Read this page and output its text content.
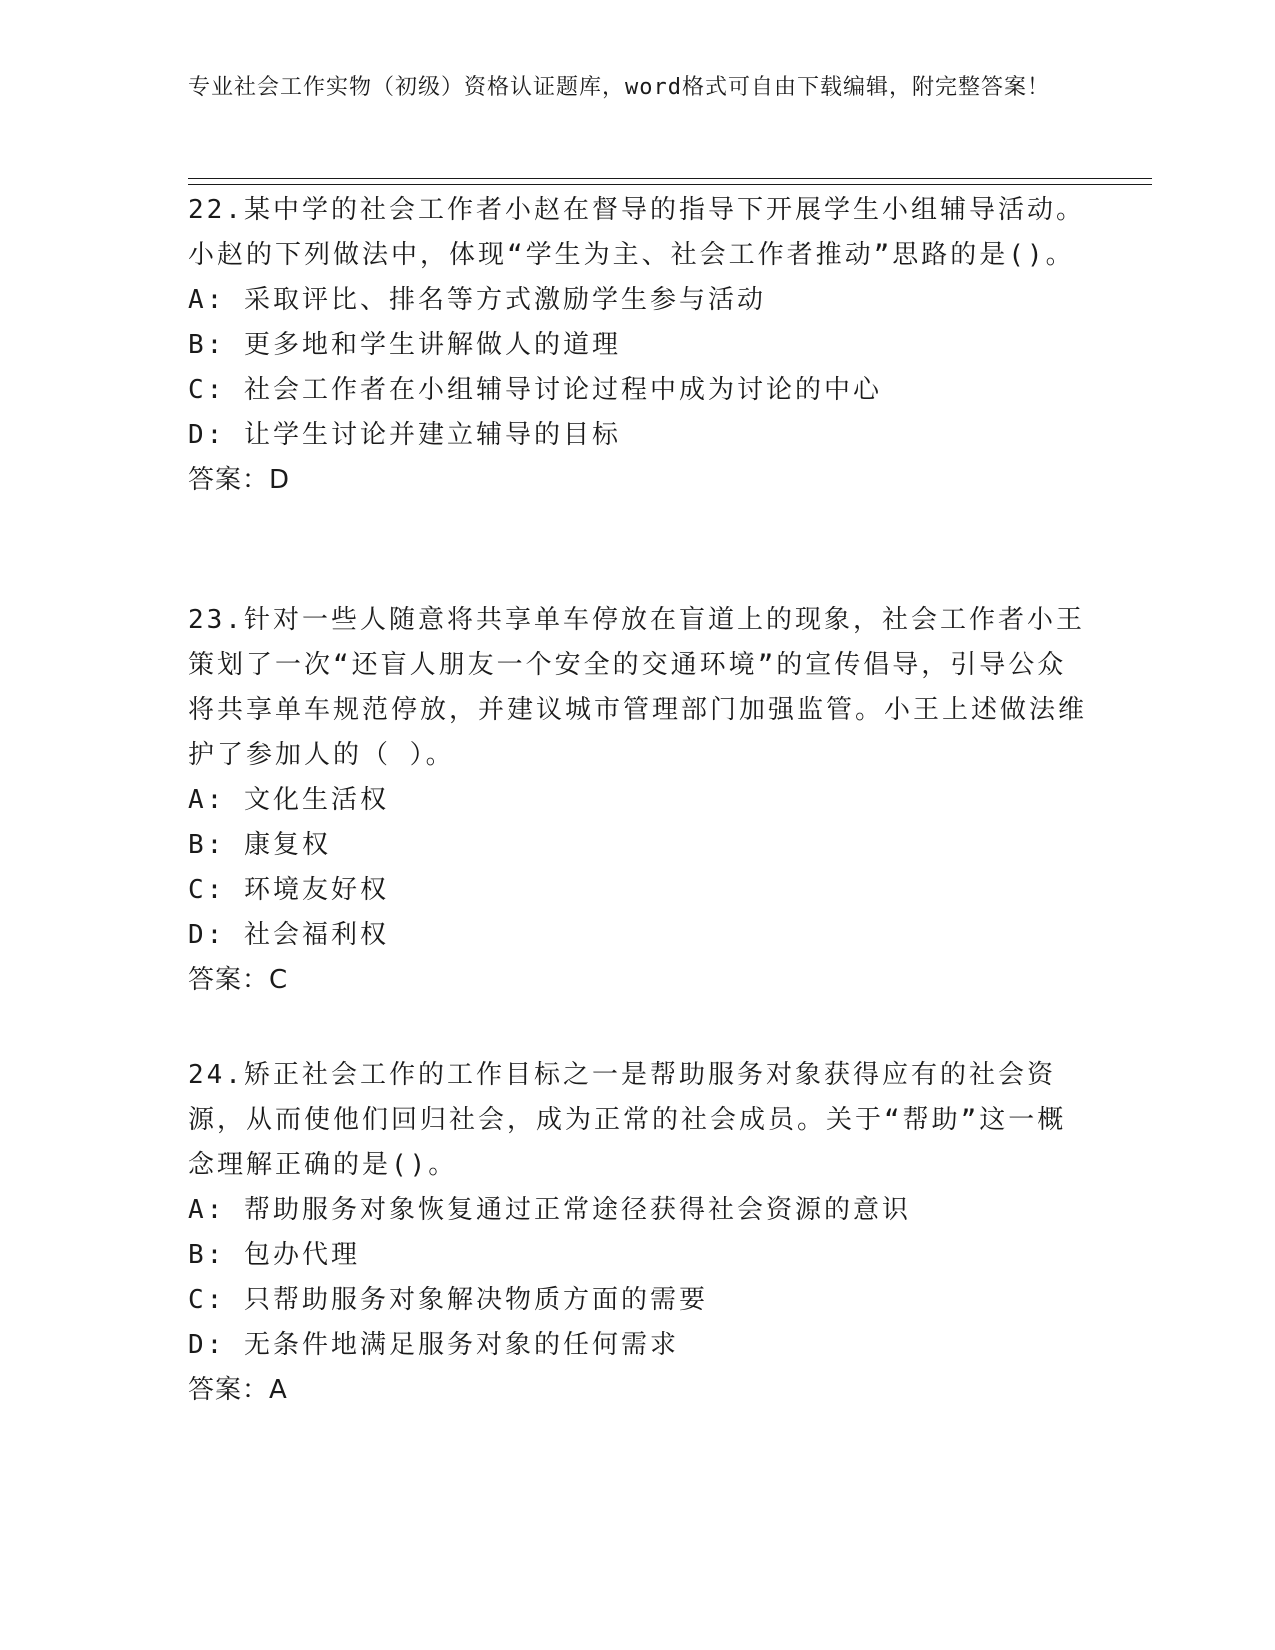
专业社会工作实物（初级）资格认证题库，word格式可自由下载编辑，附完整答案！

22.某中学的社会工作者小赵在督导的指导下开展学生小组辅导活动。小赵的下列做法中，体现“学生为主、社会工作者推动”思路的是()。

A: 采取评比、排名等方式激励学生参与活动

B: 更多地和学生讲解做人的道理

C: 社会工作者在小组辅导讨论过程中成为讨论的中心

D: 让学生讨论并建立辅导的目标

答案：D

23.针对一些人随意将共享单车停放在盲道上的现象，社会工作者小王策划了一次“还盲人朋友一个安全的交通环境”的宣传倡导，引导公众将共享单车规范停放，并建议城市管理部门加强监管。小王上述做法维护了参加人的（ ）。

A: 文化生活权

B: 康复权

C: 环境友好权

D: 社会福利权

答案：C

24.矫正社会工作的工作目标之一是帮助服务对象获得应有的社会资源，从而使他们回归社会，成为正常的社会成员。关于“帮助”这一概念理解正确的是()。

A: 帮助服务对象恢复通过正常途径获得社会资源的意识

B: 包办代理

C: 只帮助服务对象解决物质方面的需要

D: 无条件地满足服务对象的任何需求

答案：A
